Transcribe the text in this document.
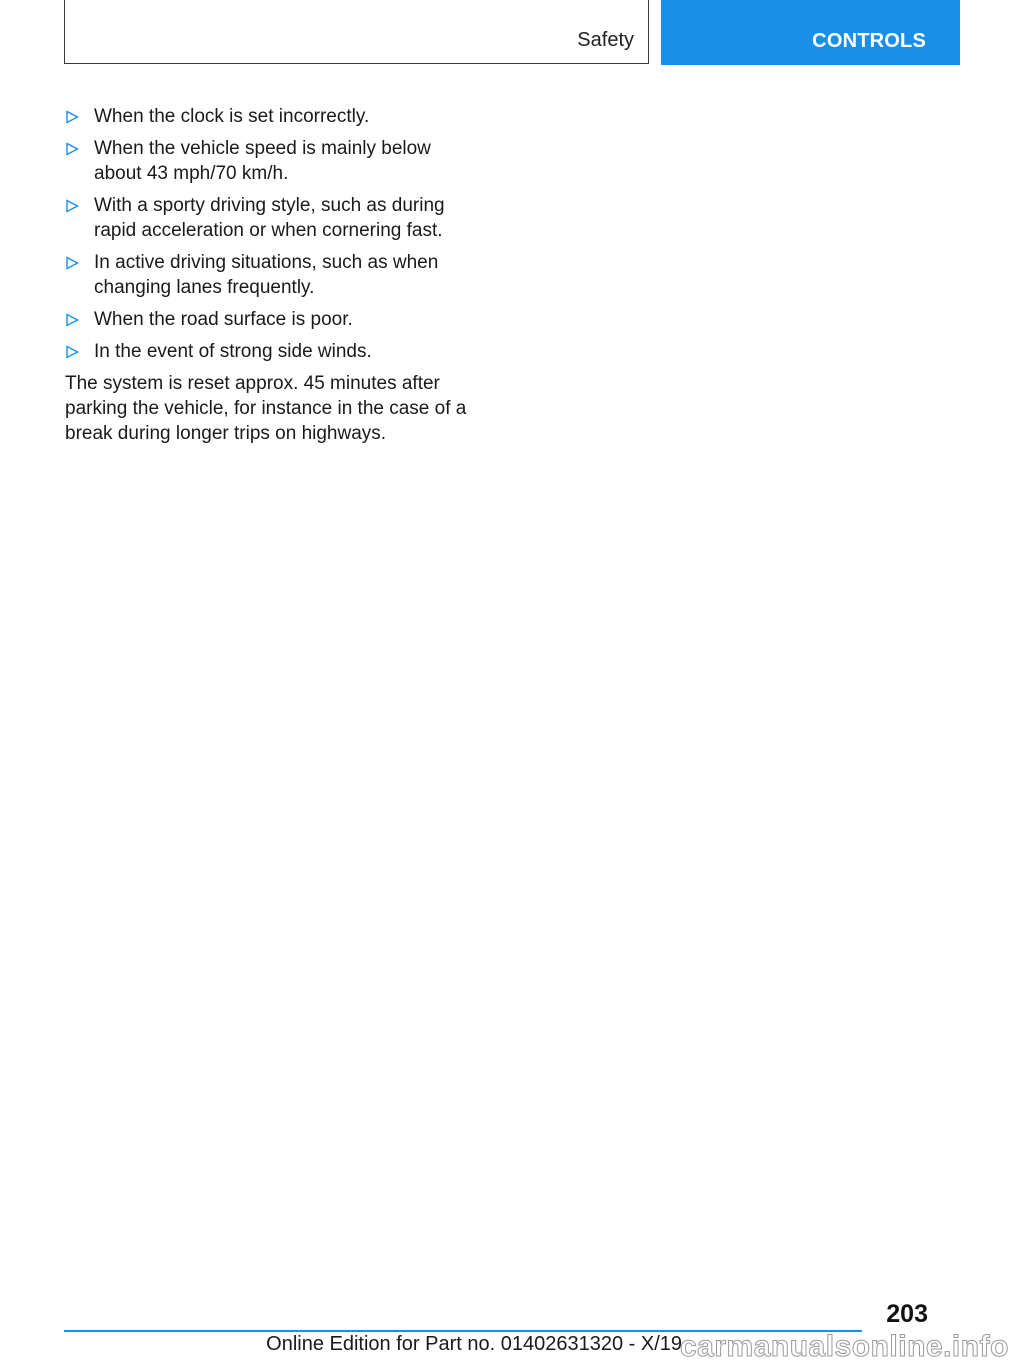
Safety	CONTROLS
When the clock is set incorrectly.
When the vehicle speed is mainly below about 43 mph/70 km/h.
With a sporty driving style, such as during rapid acceleration or when cornering fast.
In active driving situations, such as when changing lanes frequently.
When the road surface is poor.
In the event of strong side winds.

The system is reset approx. 45 minutes after parking the vehicle, for instance in the case of a break during longer trips on highways.

203
Online Edition for Part no. 01402631320 - X/19
carmanualsonline.info
